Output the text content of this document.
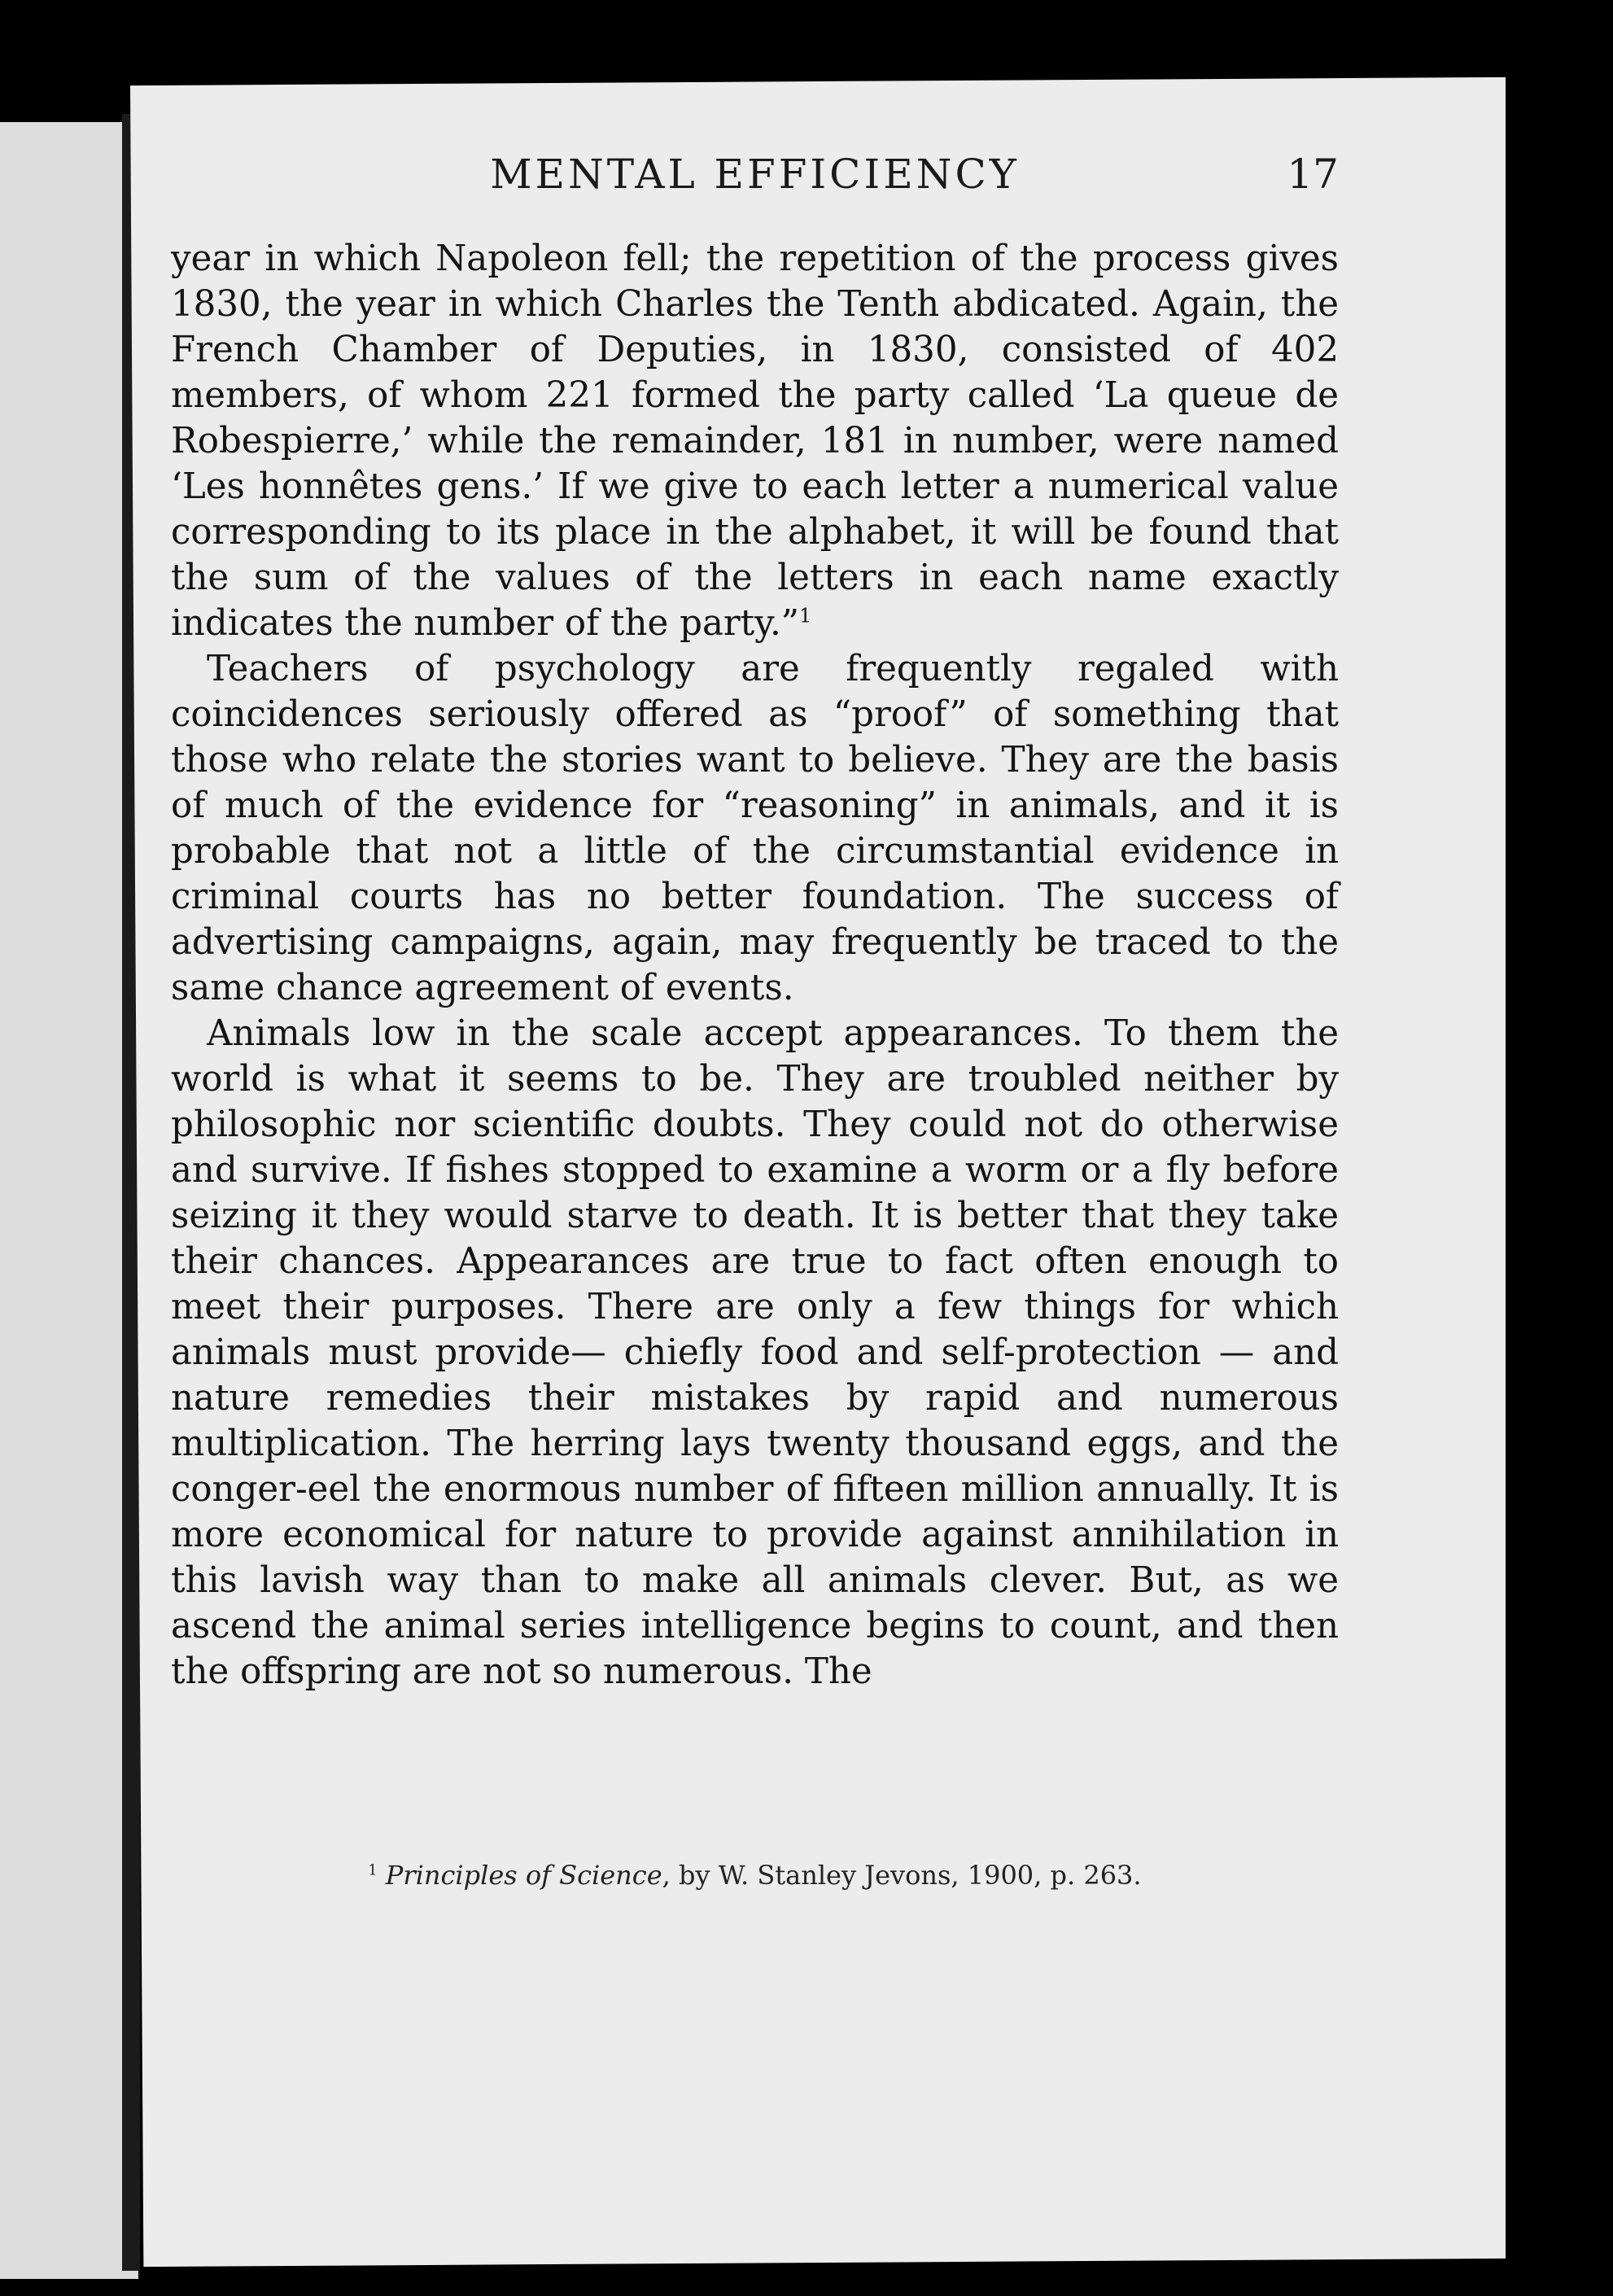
MENTAL EFFICIENCY	17

year in which Napoleon fell; the repetition of the process gives 1830, the year in which Charles the Tenth abdicated. Again, the French Chamber of Deputies, in 1830, consisted of 402 members, of whom 221 formed the party called ‘La queue de Robespierre,’ while the remainder, 181 in number, were named ‘Les honnêtes gens.’ If we give to each letter a numerical value corresponding to its place in the alphabet, it will be found that the sum of the values of the letters in each name exactly indicates the number of the party.”$^1$

Teachers of psychology are frequently regaled with coincidences seriously offered as “proof” of something that those who relate the stories want to believe. They are the basis of much of the evidence for “reasoning” in animals, and it is probable that not a little of the circumstantial evidence in criminal courts has no better foundation. The success of advertising campaigns, again, may frequently be traced to the same chance agreement of events.

Animals low in the scale accept appearances. To them the world is what it seems to be. They are troubled neither by philosophic nor scientific doubts. They could not do otherwise and survive. If fishes stopped to examine a worm or a fly before seizing it they would starve to death. It is better that they take their chances. Appearances are true to fact often enough to meet their purposes. There are only a few things for which animals must provide— chiefly food and self-protection — and nature remedies their mistakes by rapid and numerous multiplication. The herring lays twenty thousand eggs, and the conger-eel the enormous number of fifteen million annually. It is more economical for nature to provide against annihilation in this lavish way than to make all animals clever. But, as we ascend the animal series intelligence begins to count, and then the offspring are not so numerous. The

$^1$ Principles of Science, by W. Stanley Jevons, 1900, p. 263.
